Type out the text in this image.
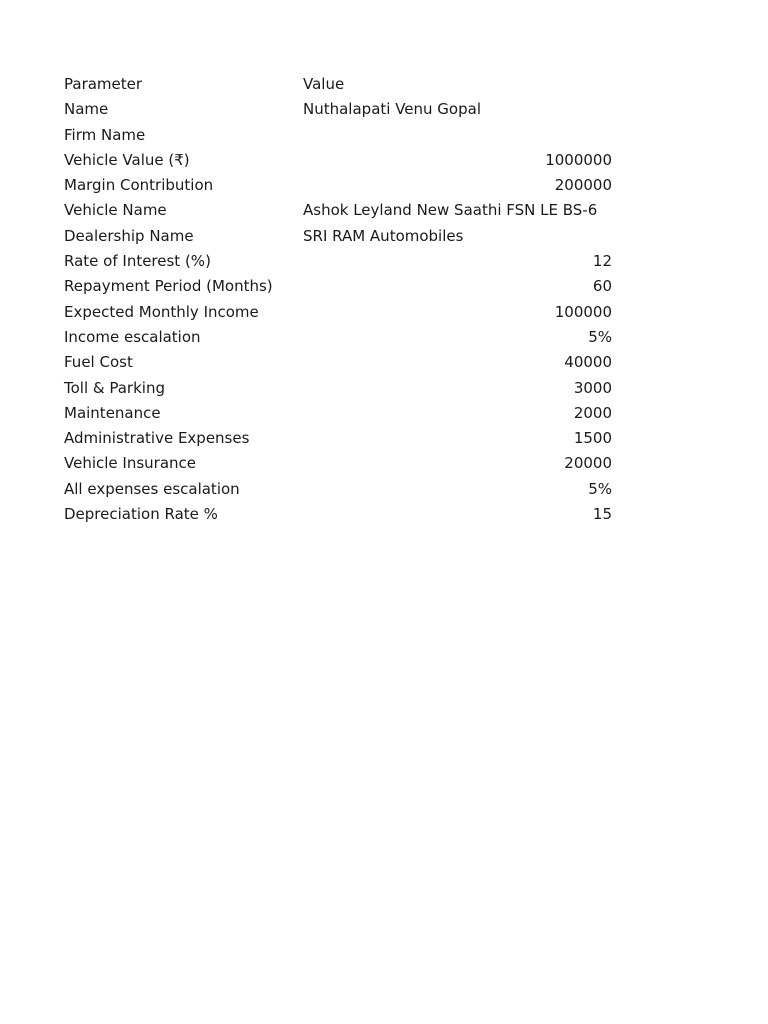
Parameter	Value
Name	Nuthalapati Venu Gopal
Firm Name
Vehicle Value (₹)	1000000
Margin Contribution	200000
Vehicle Name	Ashok Leyland New Saathi FSN LE BS-6
Dealership Name	SRI RAM Automobiles
Rate of Interest (%)	12
Repayment Period (Months)	60
Expected Monthly Income	100000
Income escalation	5%
Fuel Cost	40000
Toll & Parking	3000
Maintenance	2000
Administrative Expenses	1500
Vehicle Insurance	20000
All expenses escalation	5%
Depreciation Rate %	15
